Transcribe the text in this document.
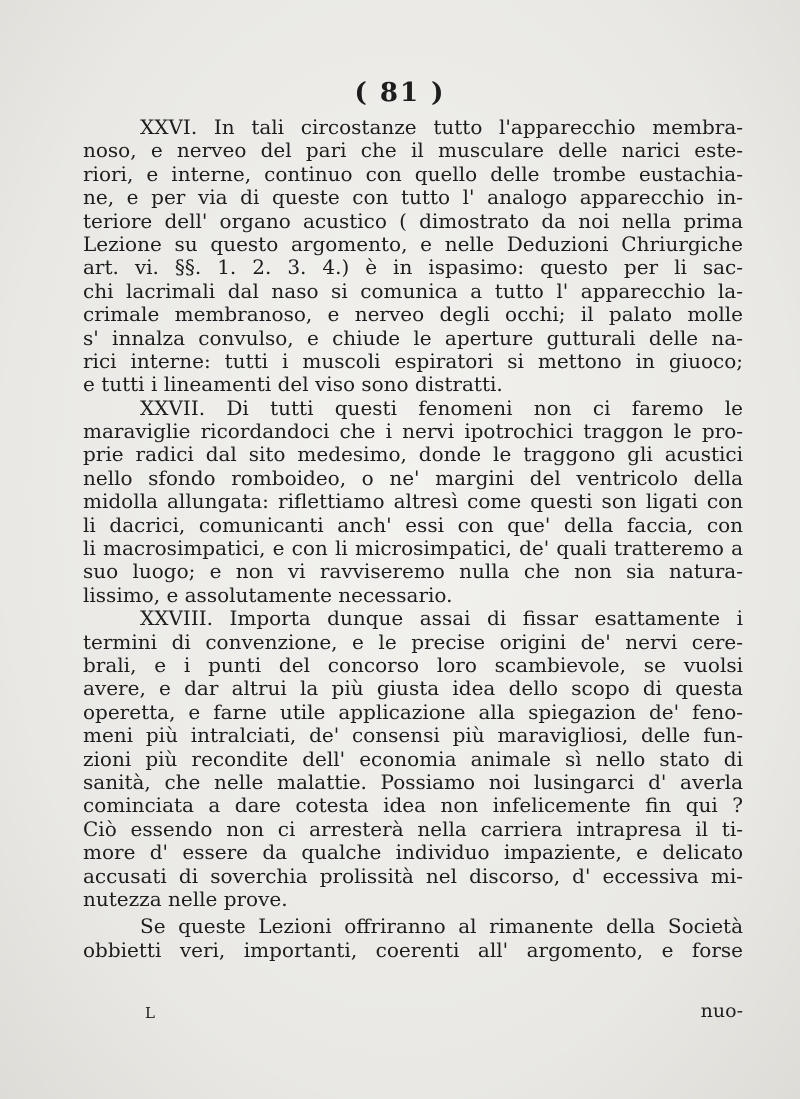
( 81 )
XXVI. In tali circostanze tutto l'apparecchio membra-
noso, e nerveo del pari che il musculare delle narici este-
riori, e interne, continuo con quello delle trombe eustachia-
ne, e per via di queste con tutto l' analogo apparecchio in-
teriore dell' organo acustico ( dimostrato da noi nella prima
Lezione su questo argomento, e nelle Deduzioni Chriurgiche
art. vi. §§. 1. 2. 3. 4.) è in ispasimo: questo per li sac-
chi lacrimali dal naso si comunica a tutto l' apparecchio la-
crimale membranoso, e nerveo degli occhi; il palato molle
s' innalza convulso, e chiude le aperture gutturali delle na-
rici interne: tutti i muscoli espiratori si mettono in giuoco;
e tutti i lineamenti del viso sono distratti.
XXVII. Di tutti questi fenomeni non ci faremo le
maraviglie ricordandoci che i nervi ipotrochici traggon le pro-
prie radici dal sito medesimo, donde le traggono gli acustici
nello sfondo romboideo, o ne' margini del ventricolo della
midolla allungata: riflettiamo altresì come questi son ligati con
li dacrici, comunicanti anch' essi con que' della faccia, con
li macrosimpatici, e con li microsimpatici, de' quali tratteremo a
suo luogo; e non vi ravviseremo nulla che non sia natura-
lissimo, e assolutamente necessario.
XXVIII. Importa dunque assai di fissar esattamente i
termini di convenzione, e le precise origini de' nervi cere-
brali, e i punti del concorso loro scambievole, se vuolsi
avere, e dar altrui la più giusta idea dello scopo di questa
operetta, e farne utile applicazione alla spiegazion de' feno-
meni più intralciati, de' consensi più maravigliosi, delle fun-
zioni più recondite dell' economia animale sì nello stato di
sanità, che nelle malattie. Possiamo noi lusingarci d' averla
cominciata a dare cotesta idea non infelicemente fin qui ?
Ciò essendo non ci arresterà nella carriera intrapresa il ti-
more d' essere da qualche individuo impaziente, e delicato
accusati di soverchia prolissità nel discorso, d' eccessiva mi-
nutezza nelle prove.
Se queste Lezioni offriranno al rimanente della Società
obbietti veri, importanti, coerenti all' argomento, e forse
L	nuo-
